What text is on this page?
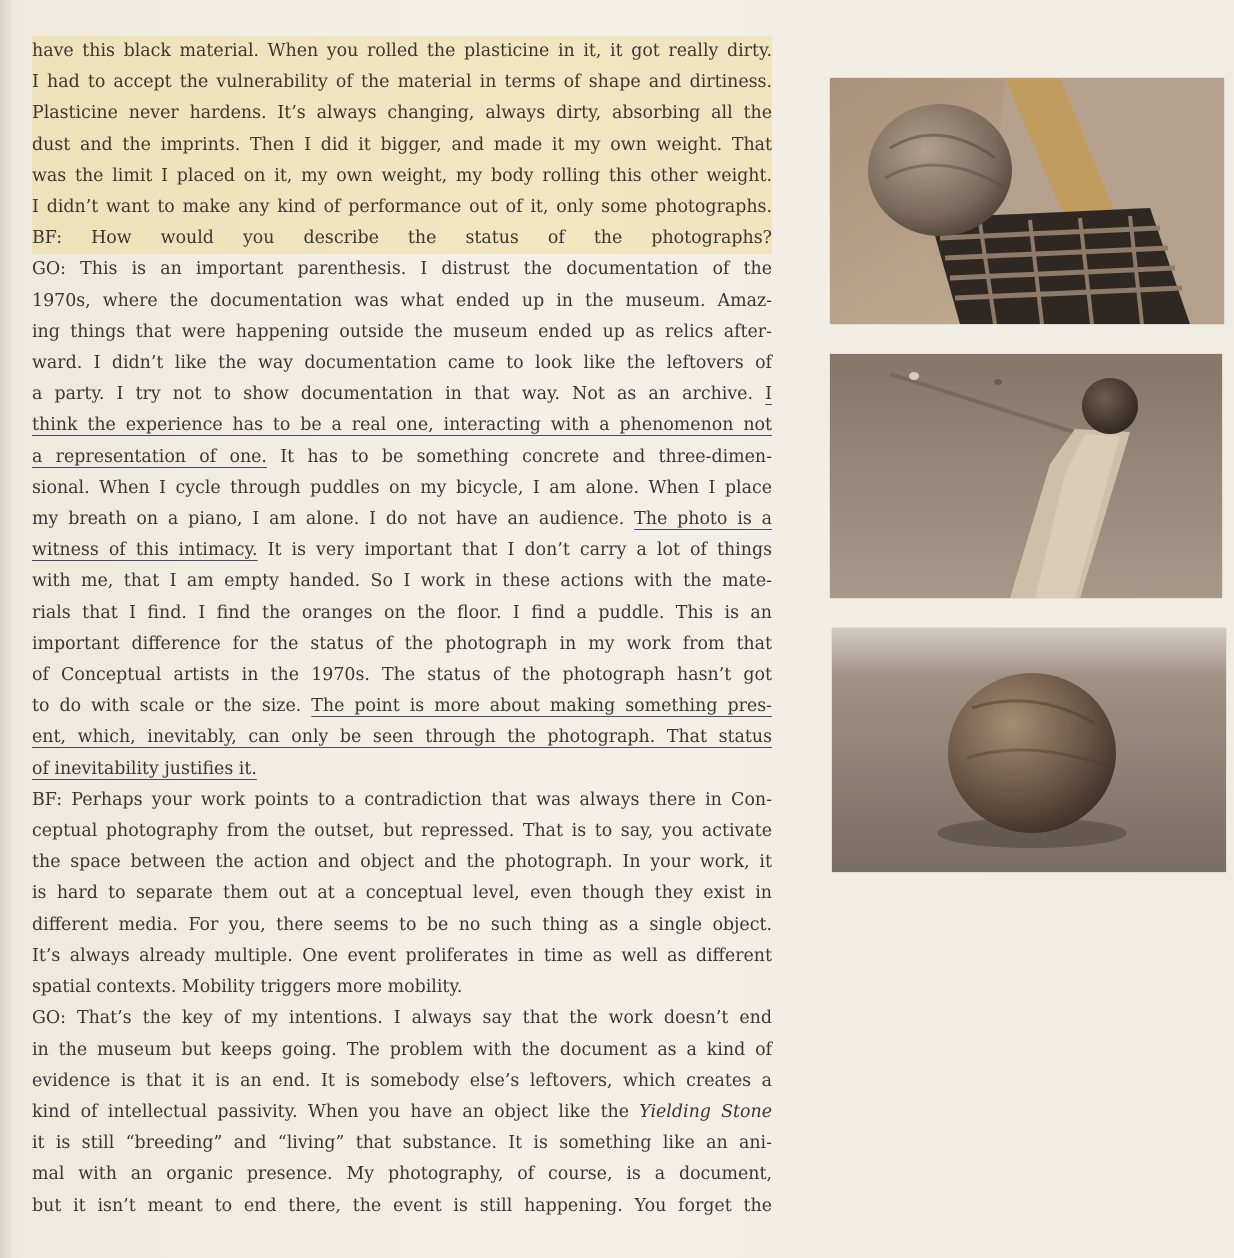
have this black material. When you rolled the plasticine in it, it got really dirty.

I had to accept the vulnerability of the material in terms of shape and dirtiness.

Plasticine never hardens. It’s always changing, always dirty, absorbing all the

dust and the imprints. Then I did it bigger, and made it my own weight. That

was the limit I placed on it, my own weight, my body rolling this other weight.

I didn’t want to make any kind of performance out of it, only some photographs.

BF: How would you describe the status of the photographs?

GO: This is an important parenthesis. I distrust the documentation of the

1970s, where the documentation was what ended up in the museum. Amaz-

ing things that were happening outside the museum ended up as relics after-

ward. I didn’t like the way documentation came to look like the leftovers of

a party. I try not to show documentation in that way. Not as an archive. I

think the experience has to be a real one, interacting with a phenomenon not

a representation of one. It has to be something concrete and three-dimen-

sional. When I cycle through puddles on my bicycle, I am alone. When I place

my breath on a piano, I am alone. I do not have an audience. The photo is a

witness of this intimacy. It is very important that I don’t carry a lot of things

with me, that I am empty handed. So I work in these actions with the mate-

rials that I find. I find the oranges on the floor. I find a puddle. This is an

important difference for the status of the photograph in my work from that

of Conceptual artists in the 1970s. The status of the photograph hasn’t got

to do with scale or the size. The point is more about making something pres-

ent, which, inevitably, can only be seen through the photograph. That status

of inevitability justifies it.

BF: Perhaps your work points to a contradiction that was always there in Con-

ceptual photography from the outset, but repressed. That is to say, you activate

the space between the action and object and the photograph. In your work, it

is hard to separate them out at a conceptual level, even though they exist in

different media. For you, there seems to be no such thing as a single object.

It’s always already multiple. One event proliferates in time as well as different

spatial contexts. Mobility triggers more mobility.

GO: That’s the key of my intentions. I always say that the work doesn’t end

in the museum but keeps going. The problem with the document as a kind of

evidence is that it is an end. It is somebody else’s leftovers, which creates a

kind of intellectual passivity. When you have an object like the Yielding Stone

it is still “breeding” and “living” that substance. It is something like an ani-

mal with an organic presence. My photography, of course, is a document,

but it isn’t meant to end there, the event is still happening. You forget the
